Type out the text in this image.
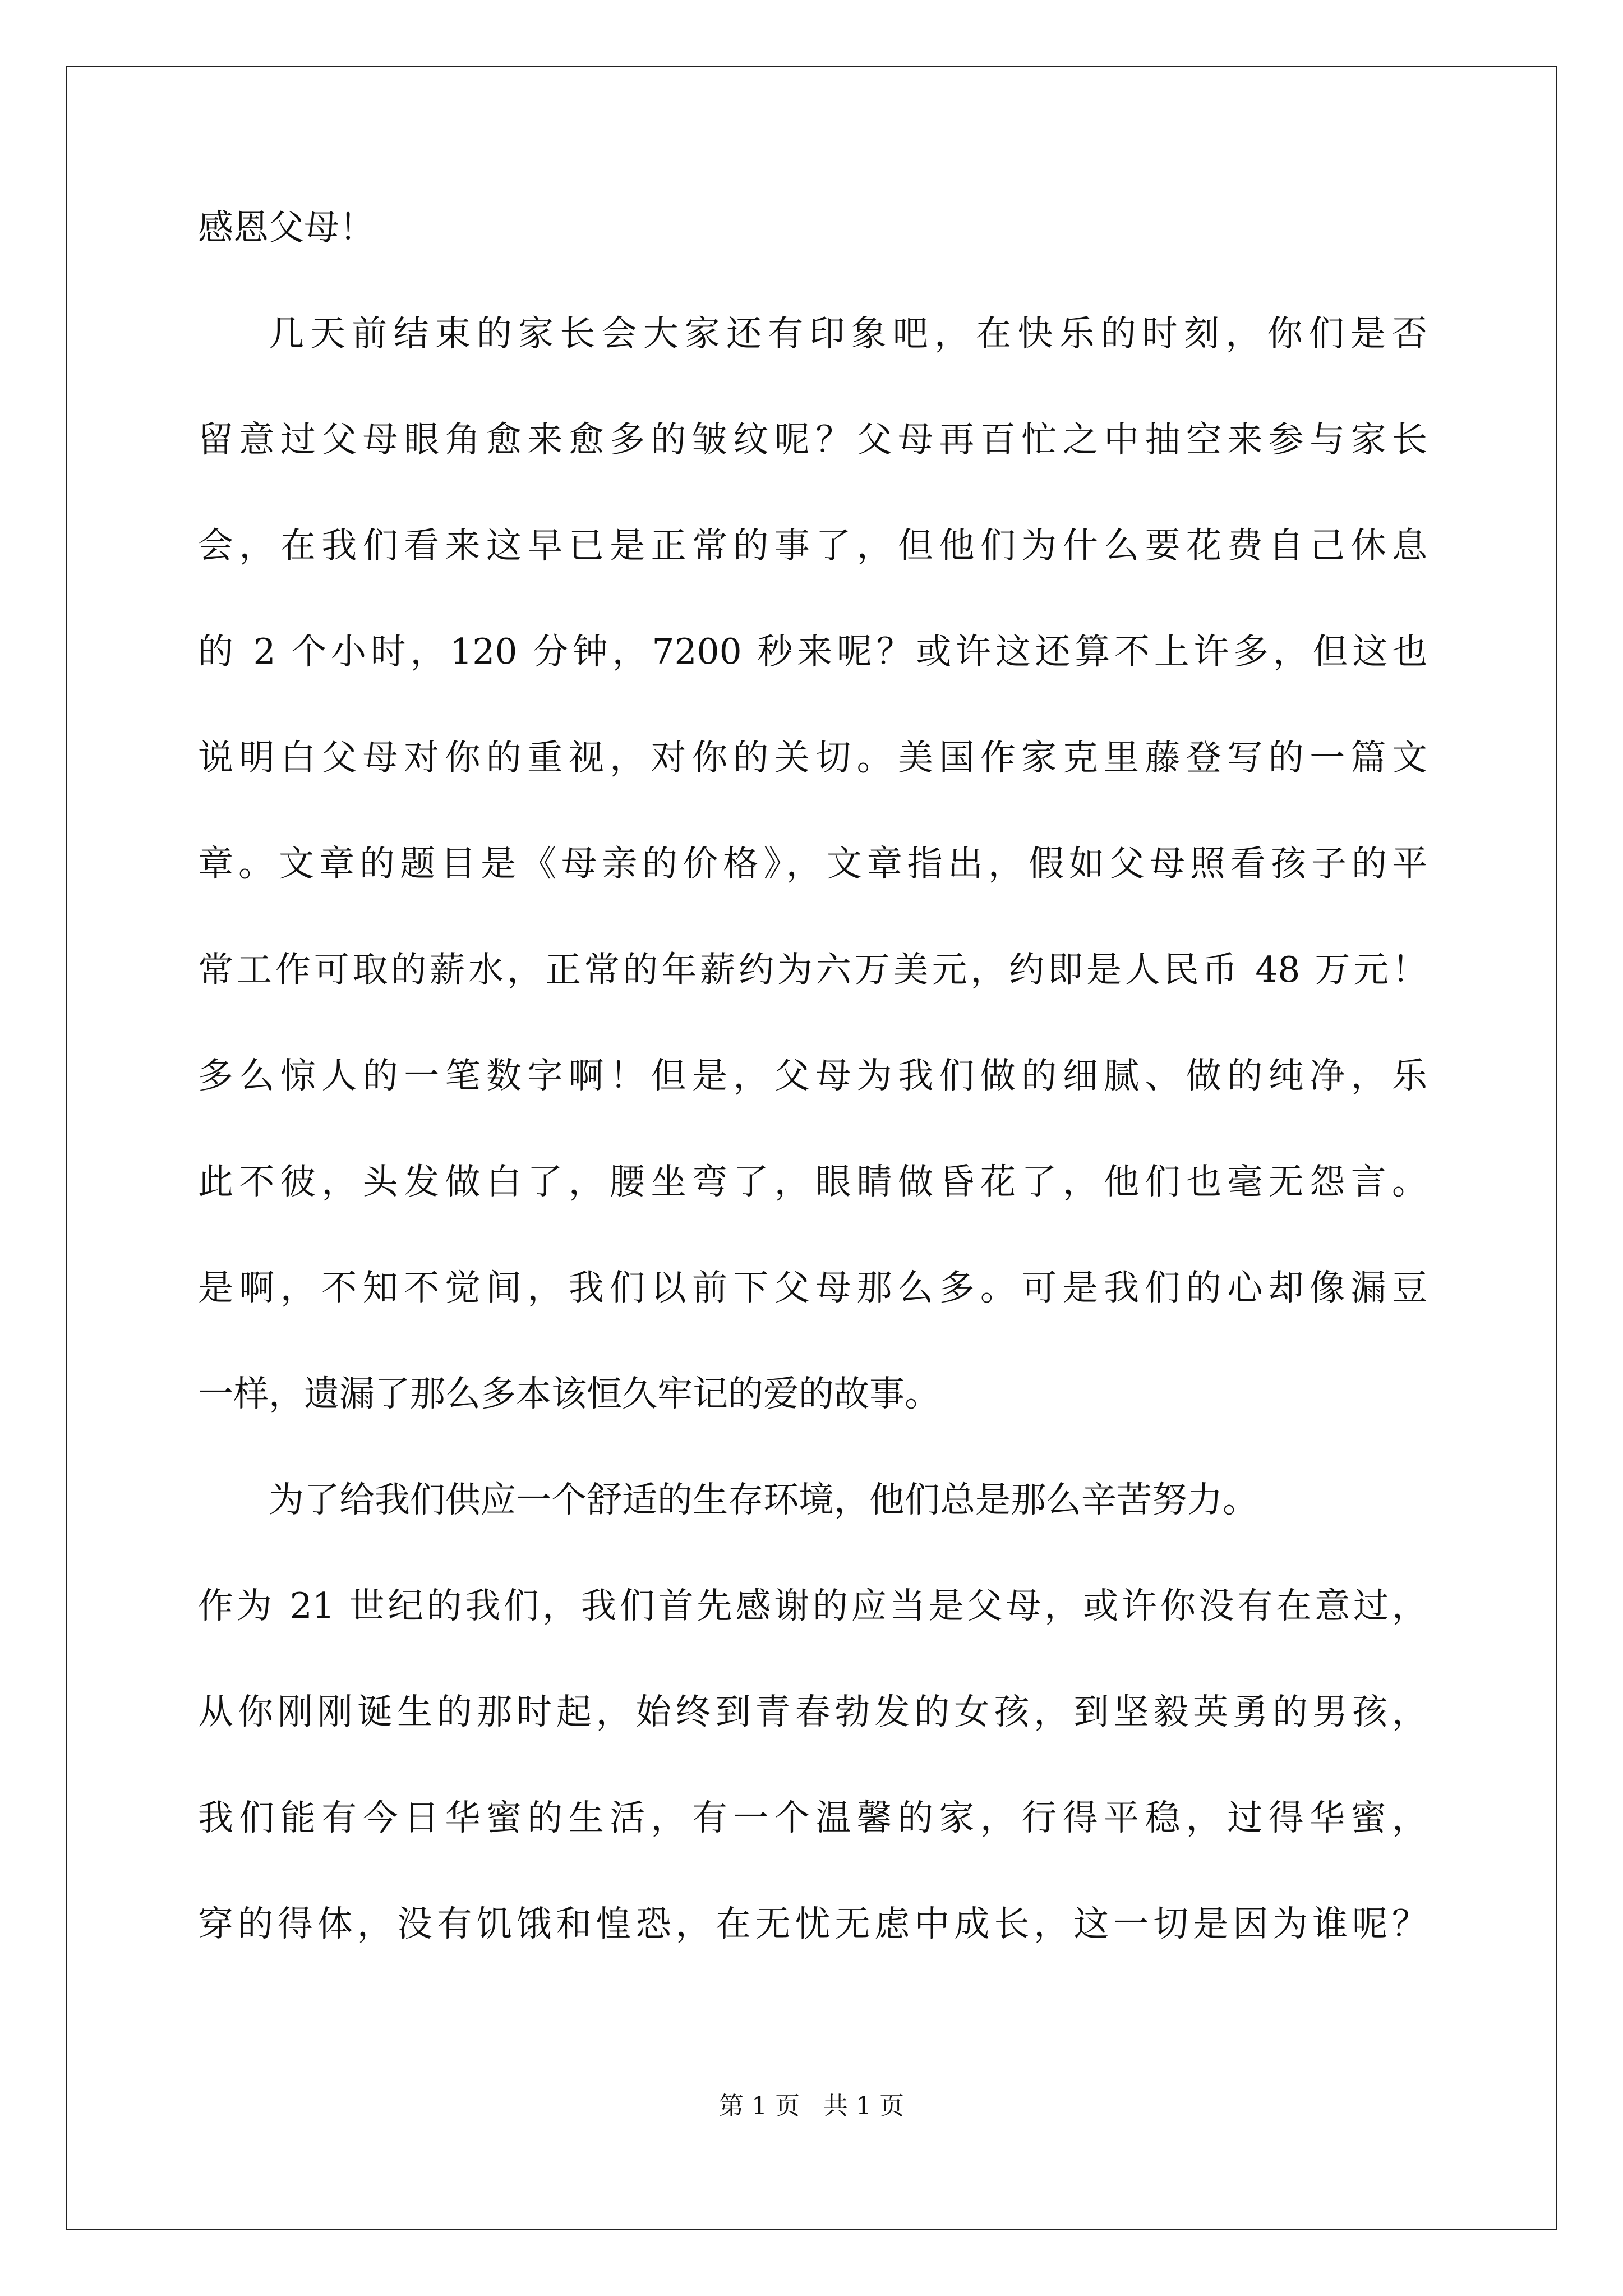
感恩父母！
几天前结束的家长会大家还有印象吧，在快乐的时刻，你们是否
留意过父母眼角愈来愈多的皱纹呢？父母再百忙之中抽空来参与家长
会，在我们看来这早已是正常的事了，但他们为什么要花费自己休息
的 2 个小时，120 分钟，7200 秒来呢？或许这还算不上许多，但这也
说明白父母对你的重视，对你的关切。美国作家克里藤登写的一篇文
章。文章的题目是《母亲的价格》，文章指出，假如父母照看孩子的平
常工作可取的薪水，正常的年薪约为六万美元，约即是人民币 48 万元！
多么惊人的一笔数字啊！但是，父母为我们做的细腻、做的纯净，乐
此不彼，头发做白了，腰坐弯了，眼睛做昏花了，他们也毫无怨言。
是啊，不知不觉间，我们以前下父母那么多。可是我们的心却像漏豆
一样，遗漏了那么多本该恒久牢记的爱的故事。
为了给我们供应一个舒适的生存环境，他们总是那么辛苦努力。
作为 21 世纪的我们，我们首先感谢的应当是父母，或许你没有在意过，
从你刚刚诞生的那时起，始终到青春勃发的女孩，到坚毅英勇的男孩，
我们能有今日华蜜的生活，有一个温馨的家，行得平稳，过得华蜜，
穿的得体，没有饥饿和惶恐，在无忧无虑中成长，这一切是因为谁呢？
第 1 页   共 1 页
